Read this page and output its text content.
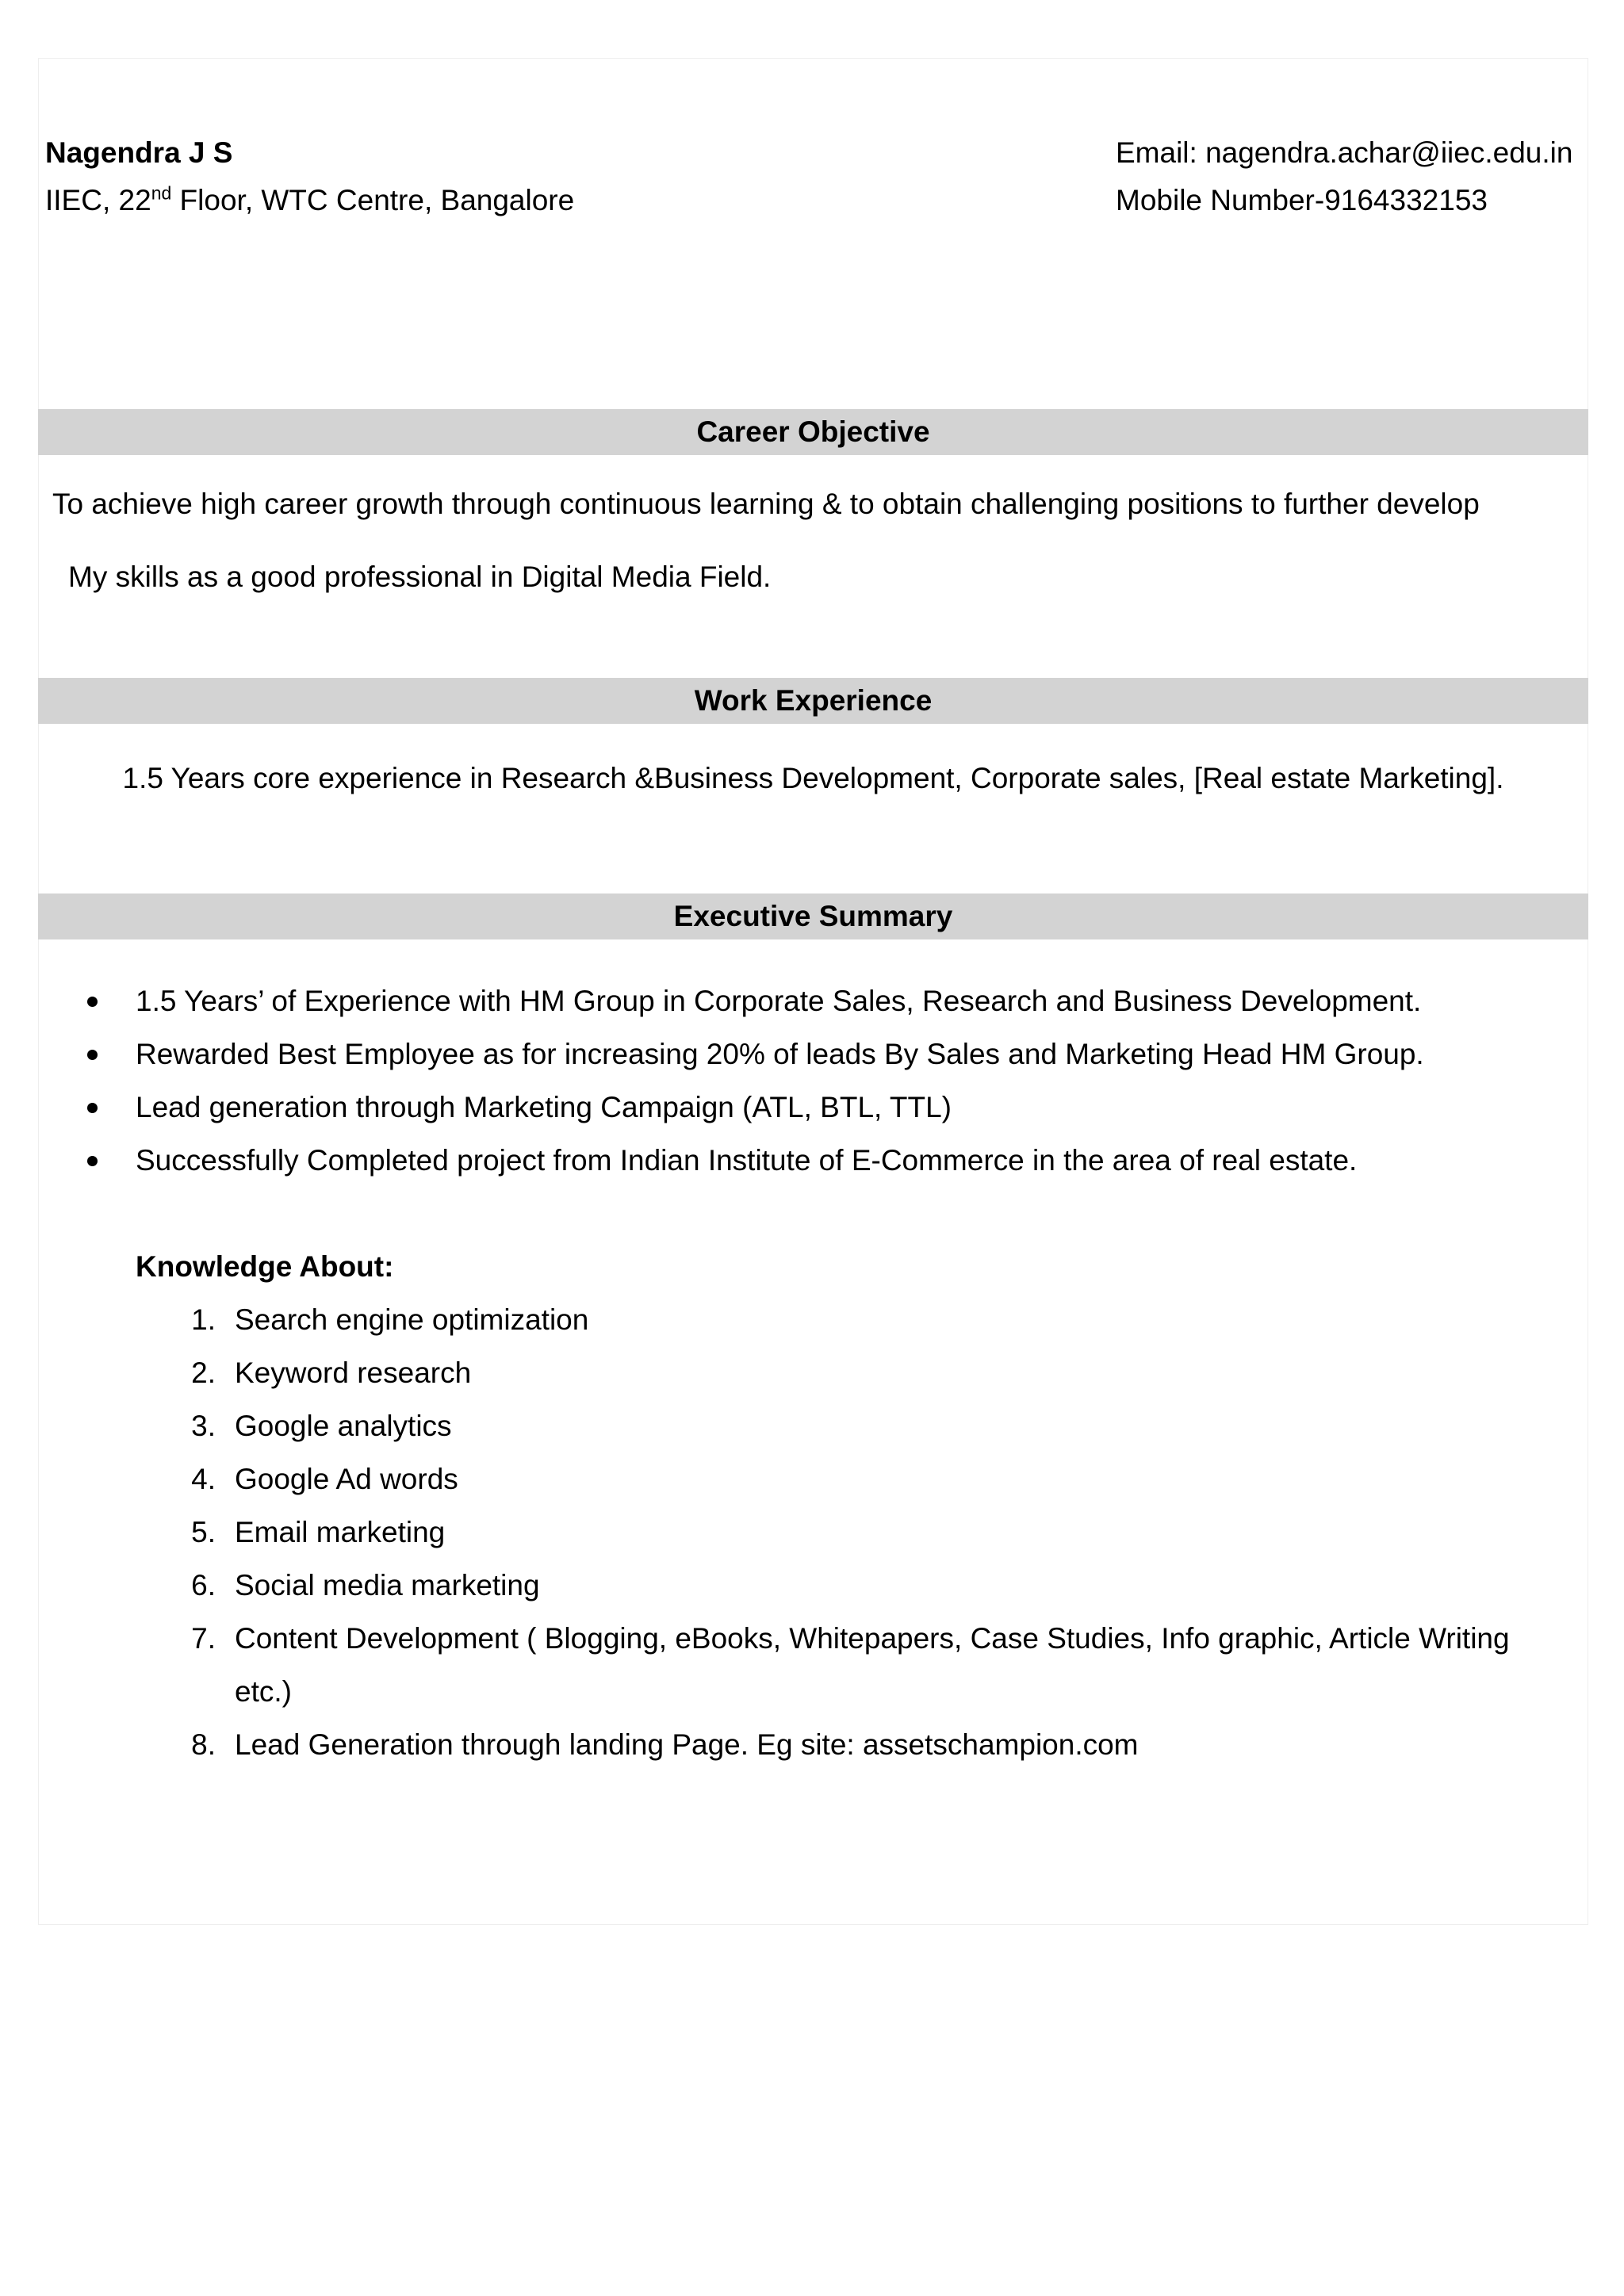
Nagendra J S
IIEC, 22nd Floor, WTC Centre, Bangalore
Email: nagendra.achar@iiec.edu.in
Mobile Number-9164332153
Career Objective
To achieve high career growth through continuous learning & to obtain challenging positions to further develop
My skills as a good professional in Digital Media Field.
Work Experience
1.5 Years core experience in Research &Business Development, Corporate sales, [Real estate Marketing].
Executive Summary
1.5 Years’ of Experience with HM Group in Corporate Sales, Research and Business Development.
Rewarded Best Employee as for increasing 20% of leads By Sales and Marketing Head HM Group.
Lead generation through Marketing Campaign (ATL, BTL, TTL)
Successfully Completed project from Indian Institute of E-Commerce in the area of real estate.
Knowledge About:
1. Search engine optimization
2. Keyword research
3. Google analytics
4. Google Ad words
5. Email marketing
6. Social media marketing
7. Content Development ( Blogging, eBooks, Whitepapers, Case Studies, Info graphic, Article Writing
etc.)
8. Lead Generation through landing Page. Eg site: assetschampion.com
